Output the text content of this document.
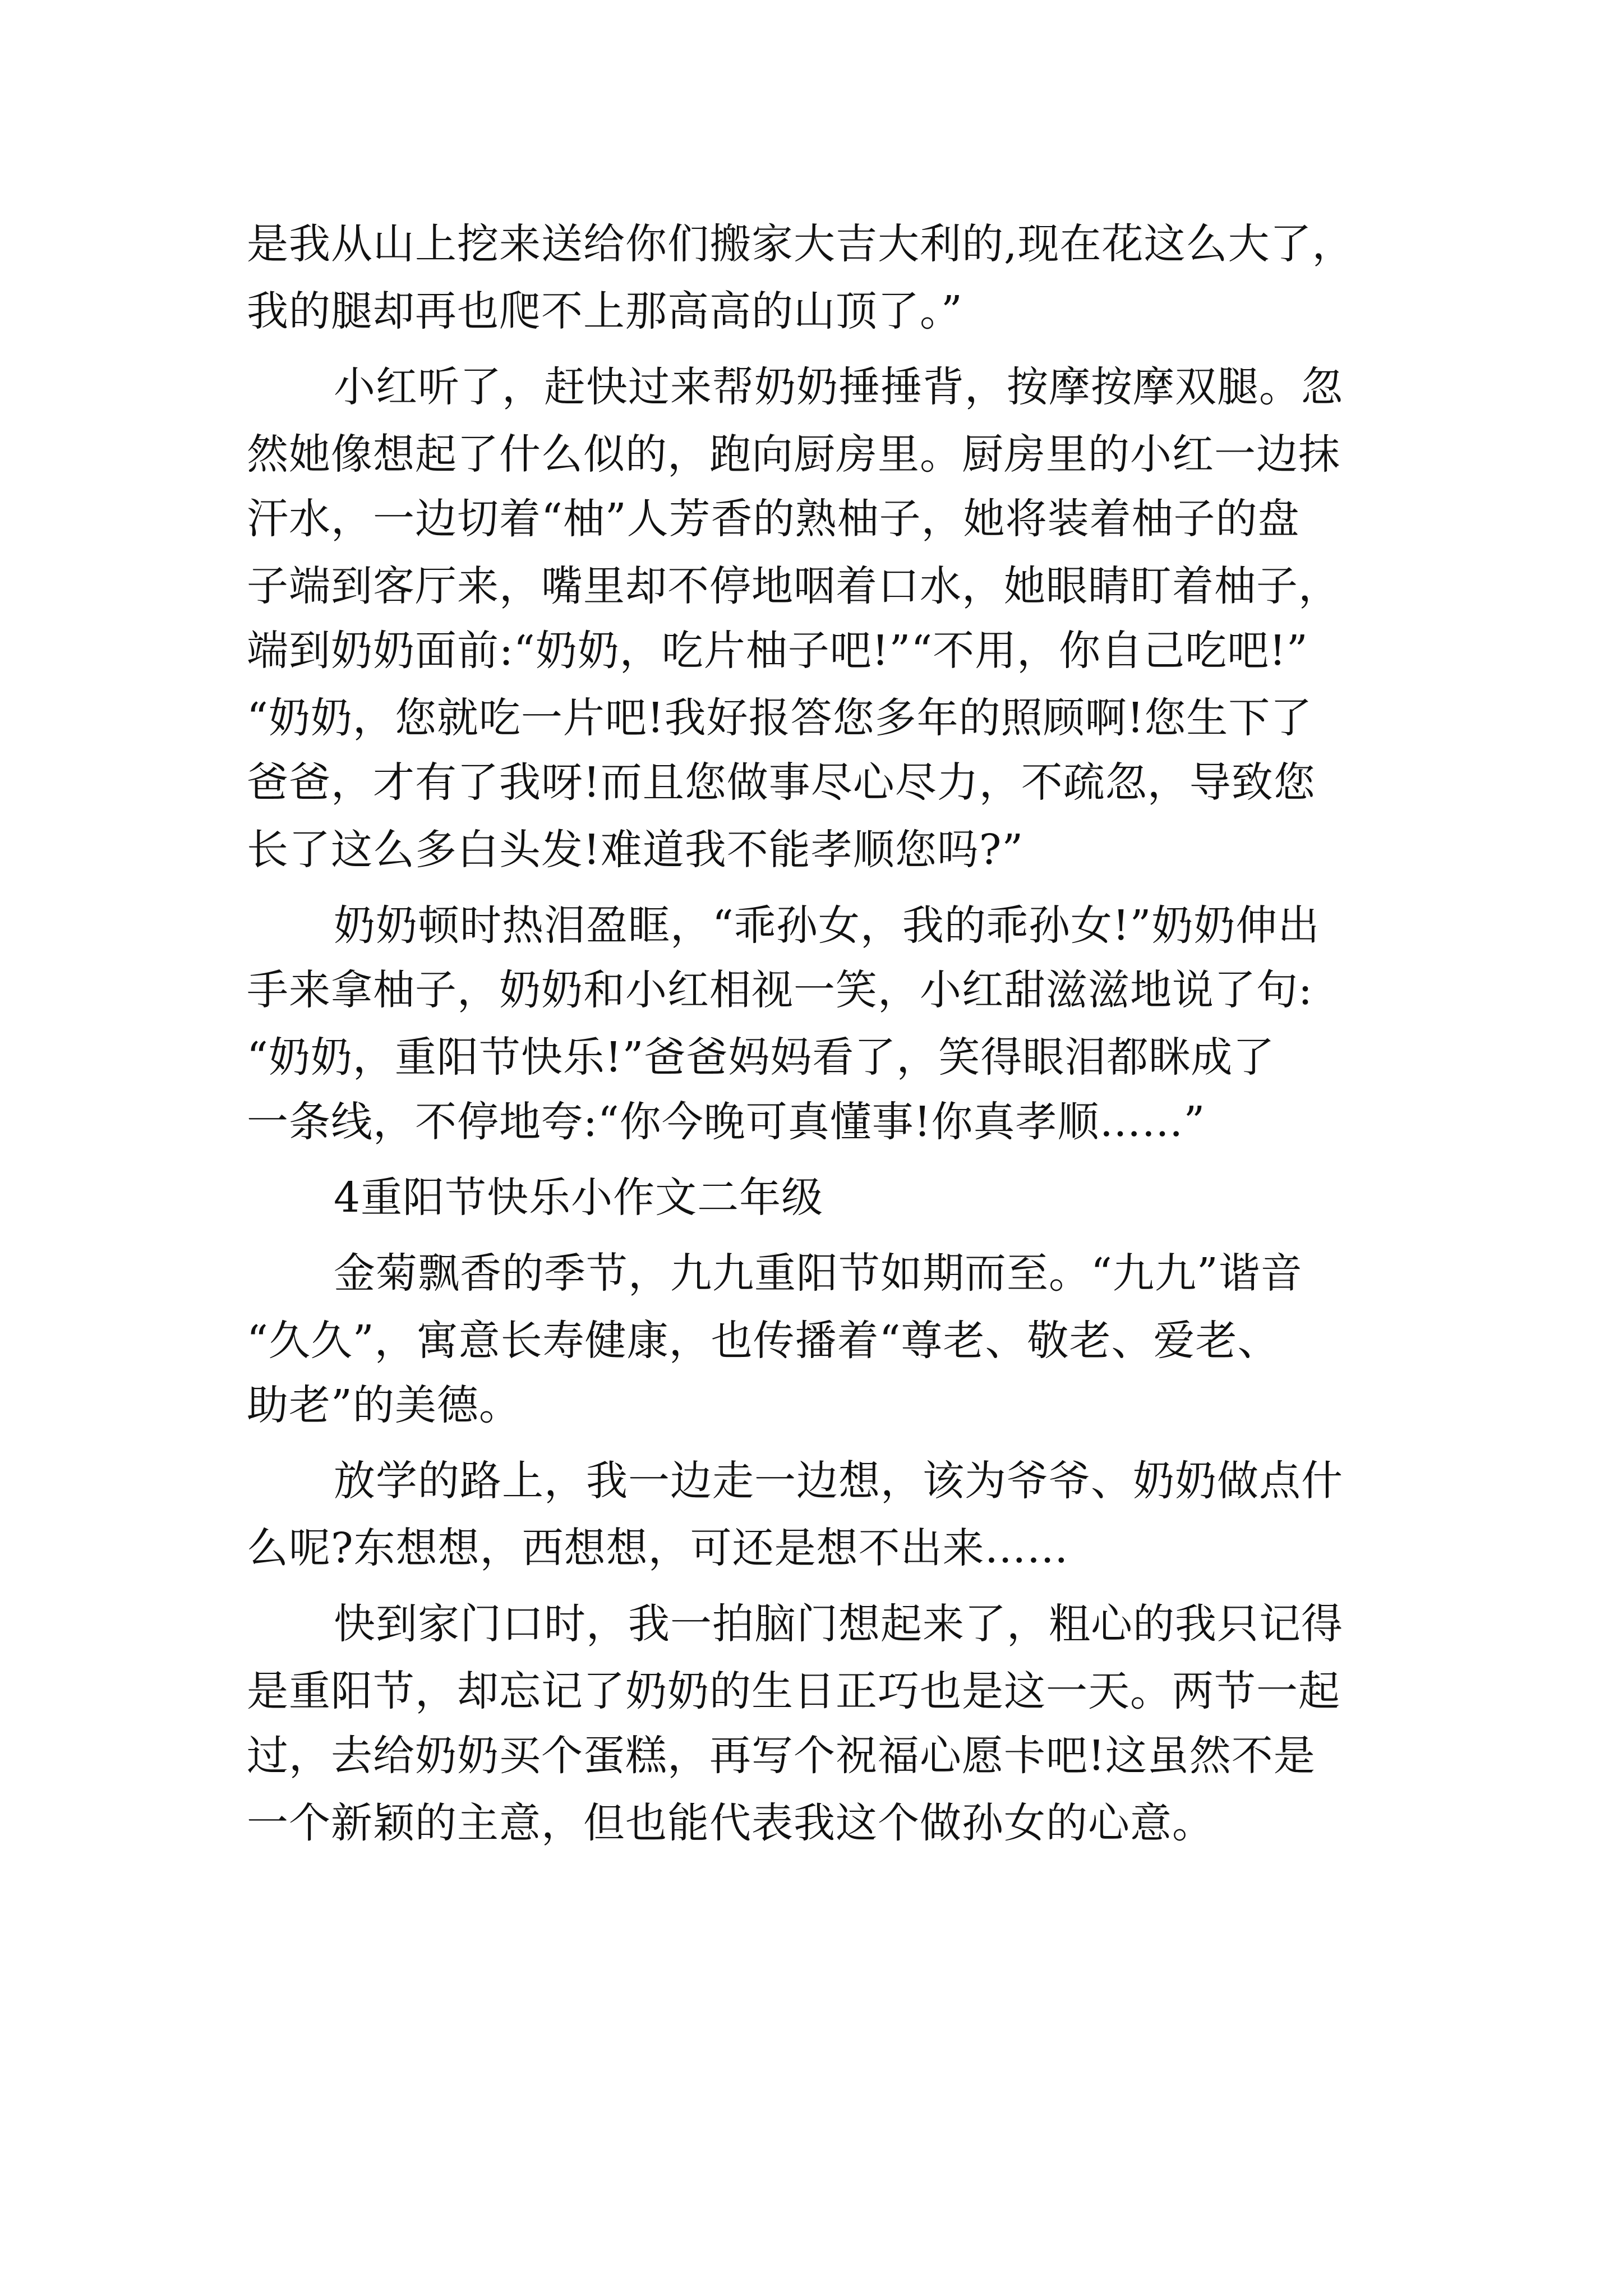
是我从山上挖来送给你们搬家大吉大利的,现在花这么大了，
我的腿却再也爬不上那高高的山顶了。”
小红听了，赶快过来帮奶奶捶捶背，按摩按摩双腿。忽
然她像想起了什么似的，跑向厨房里。厨房里的小红一边抹
汗水，一边切着“柚”人芳香的熟柚子，她将装着柚子的盘
子端到客厅来，嘴里却不停地咽着口水，她眼睛盯着柚子，
端到奶奶面前:“奶奶，吃片柚子吧!”“不用，你自己吃吧!”
“奶奶，您就吃一片吧!我好报答您多年的照顾啊!您生下了
爸爸，才有了我呀!而且您做事尽心尽力，不疏忽，导致您
长了这么多白头发!难道我不能孝顺您吗?”
奶奶顿时热泪盈眶，“乖孙女，我的乖孙女!”奶奶伸出
手来拿柚子，奶奶和小红相视一笑，小红甜滋滋地说了句:
“奶奶，重阳节快乐!”爸爸妈妈看了，笑得眼泪都眯成了
一条线，不停地夸:“你今晚可真懂事!你真孝顺……”
4重阳节快乐小作文二年级
金菊飘香的季节，九九重阳节如期而至。“九九”谐音
“久久”，寓意长寿健康，也传播着“尊老、敬老、爱老、
助老”的美德。
放学的路上，我一边走一边想，该为爷爷、奶奶做点什
么呢?东想想，西想想，可还是想不出来……
快到家门口时，我一拍脑门想起来了，粗心的我只记得
是重阳节，却忘记了奶奶的生日正巧也是这一天。两节一起
过，去给奶奶买个蛋糕，再写个祝福心愿卡吧!这虽然不是
一个新颖的主意，但也能代表我这个做孙女的心意。
